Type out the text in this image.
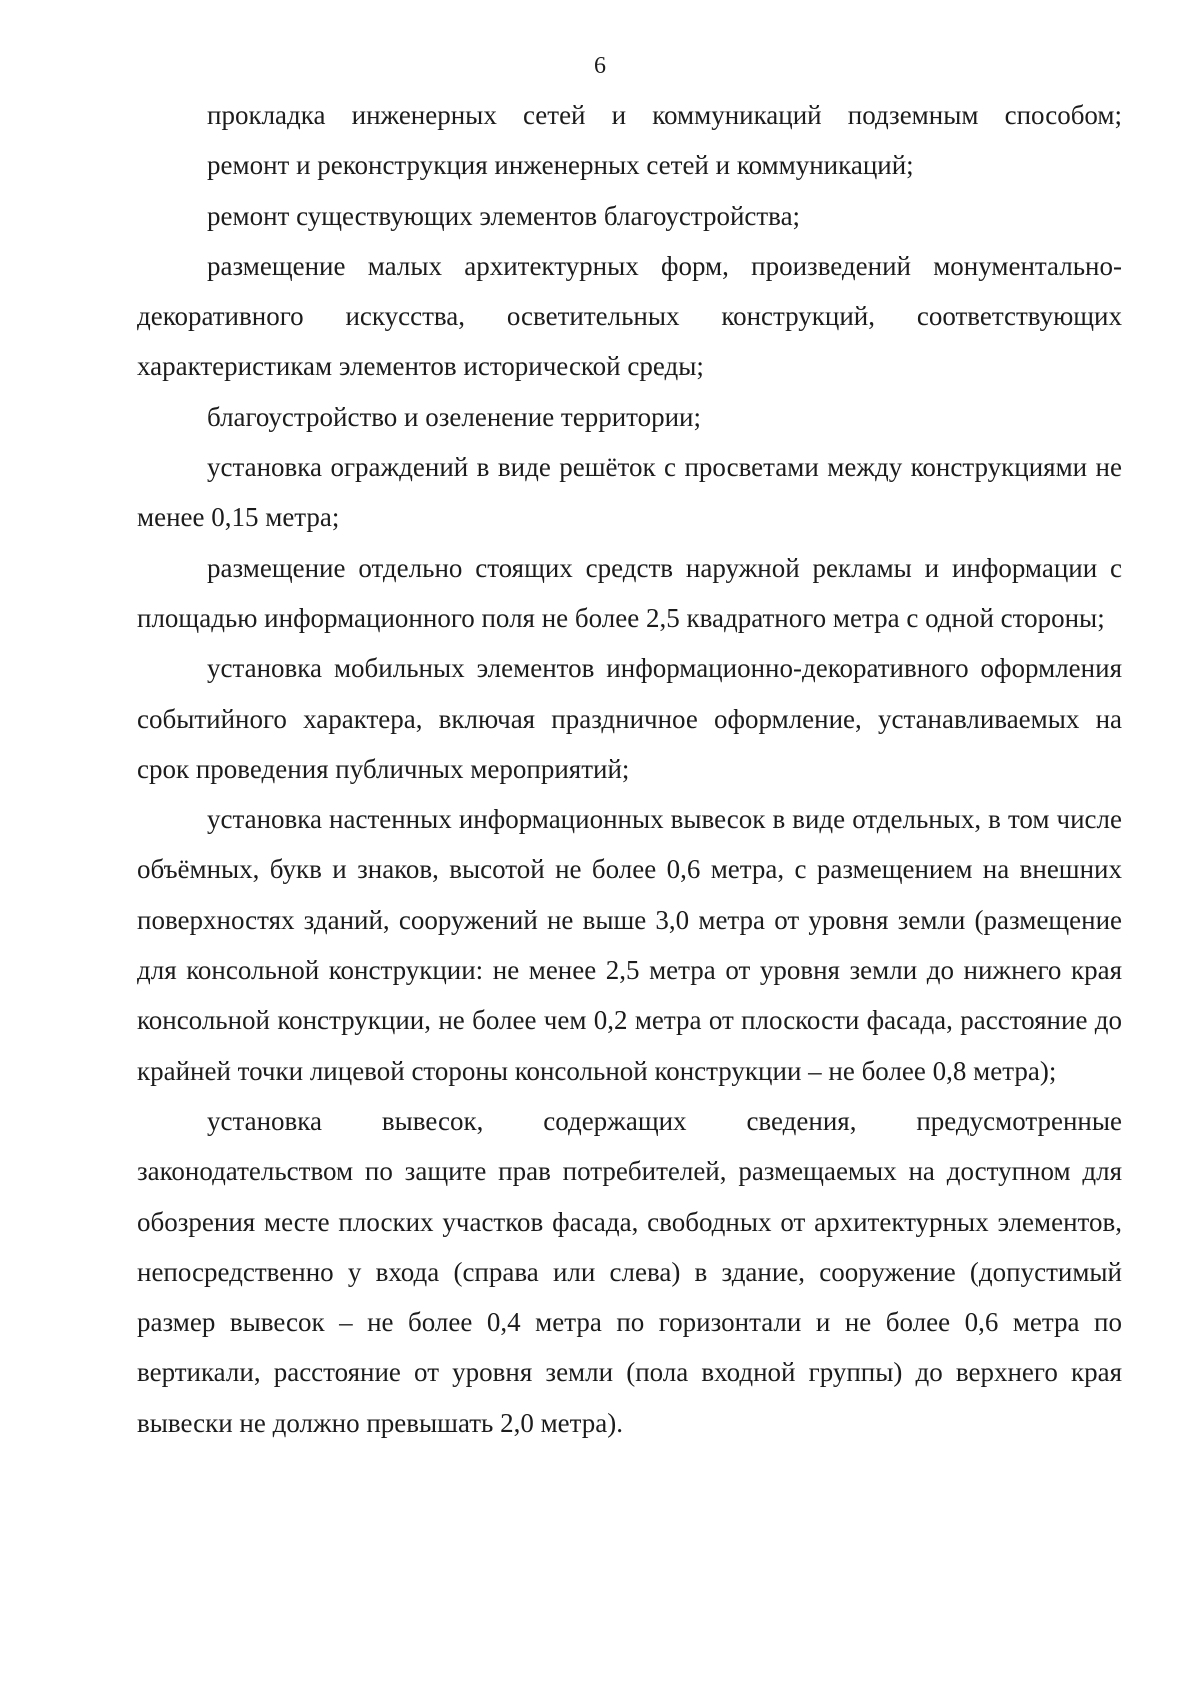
6

прокладка инженерных сетей и коммуникаций подземным способом;

ремонт и реконструкция инженерных сетей и коммуникаций;

ремонт существующих элементов благоустройства;

размещение малых архитектурных форм, произведений монументально-декоративного искусства, осветительных конструкций, соответствующих характеристикам элементов исторической среды;

благоустройство и озеленение территории;

установка ограждений в виде решёток с просветами между конструкциями не менее 0,15 метра;

размещение отдельно стоящих средств наружной рекламы и информации с площадью информационного поля не более 2,5 квадратного метра с одной стороны;

установка мобильных элементов информационно-декоративного оформления событийного характера, включая праздничное оформление, устанавливаемых на срок проведения публичных мероприятий;

установка настенных информационных вывесок в виде отдельных, в том числе объёмных, букв и знаков, высотой не более 0,6 метра, с размещением на внешних поверхностях зданий, сооружений не выше 3,0 метра от уровня земли (размещение для консольной конструкции: не менее 2,5 метра от уровня земли до нижнего края консольной конструкции, не более чем 0,2 метра от плоскости фасада, расстояние до крайней точки лицевой стороны консольной конструкции – не более 0,8 метра);

установка вывесок, содержащих сведения, предусмотренные законодательством по защите прав потребителей, размещаемых на доступном для обозрения месте плоских участков фасада, свободных от архитектурных элементов, непосредственно у входа (справа или слева) в здание, сооружение (допустимый размер вывесок – не более 0,4 метра по горизонтали и не более 0,6 метра по вертикали, расстояние от уровня земли (пола входной группы) до верхнего края вывески не должно превышать 2,0 метра).
